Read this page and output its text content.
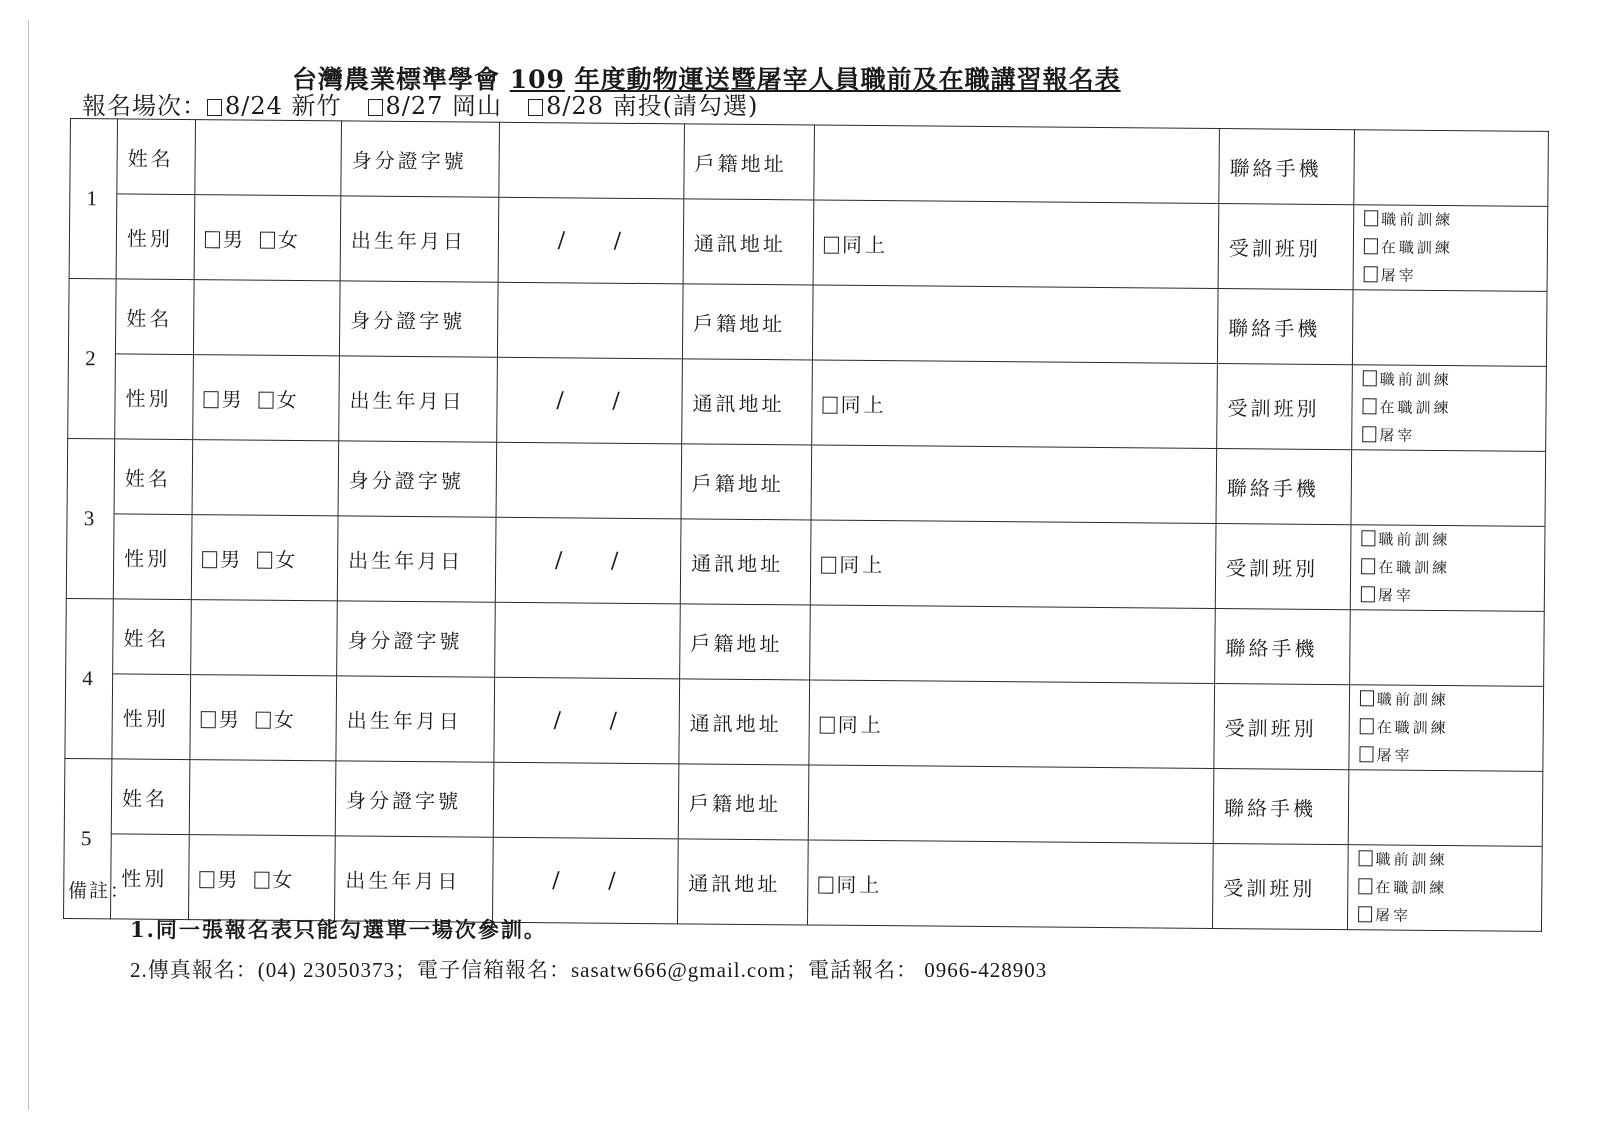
台灣農業標準學會 109 年度動物運送暨屠宰人員職前及在職講習報名表
報名場次： 8/24 新竹 8/27 岡山 8/28 南投(請勾選)
1	姓名		身分證字號		戶籍地址		聯絡手機	
	性別	男 女	出生年月日	/ /	通訊地址	同上	受訓班別	職前訓練
在職訓練
屠宰

2	姓名		身分證字號		戶籍地址		聯絡手機	
	性別	男 女	出生年月日	/ /	通訊地址	同上	受訓班別	職前訓練
在職訓練
屠宰

3	姓名		身分證字號		戶籍地址		聯絡手機	
	性別	男 女	出生年月日	/ /	通訊地址	同上	受訓班別	職前訓練
在職訓練
屠宰

4	姓名		身分證字號		戶籍地址		聯絡手機	
	性別	男 女	出生年月日	/ /	通訊地址	同上	受訓班別	職前訓練
在職訓練
屠宰

5	姓名		身分證字號		戶籍地址		聯絡手機	
	性別	男 女	出生年月日	/ /	通訊地址	同上	受訓班別	職前訓練
在職訓練
屠宰
備註：
1.同一張報名表只能勾選單一場次參訓。
2.傳真報名：(04) 23050373；電子信箱報名：sasatw666@gmail.com；電話報名： 0966-428903
